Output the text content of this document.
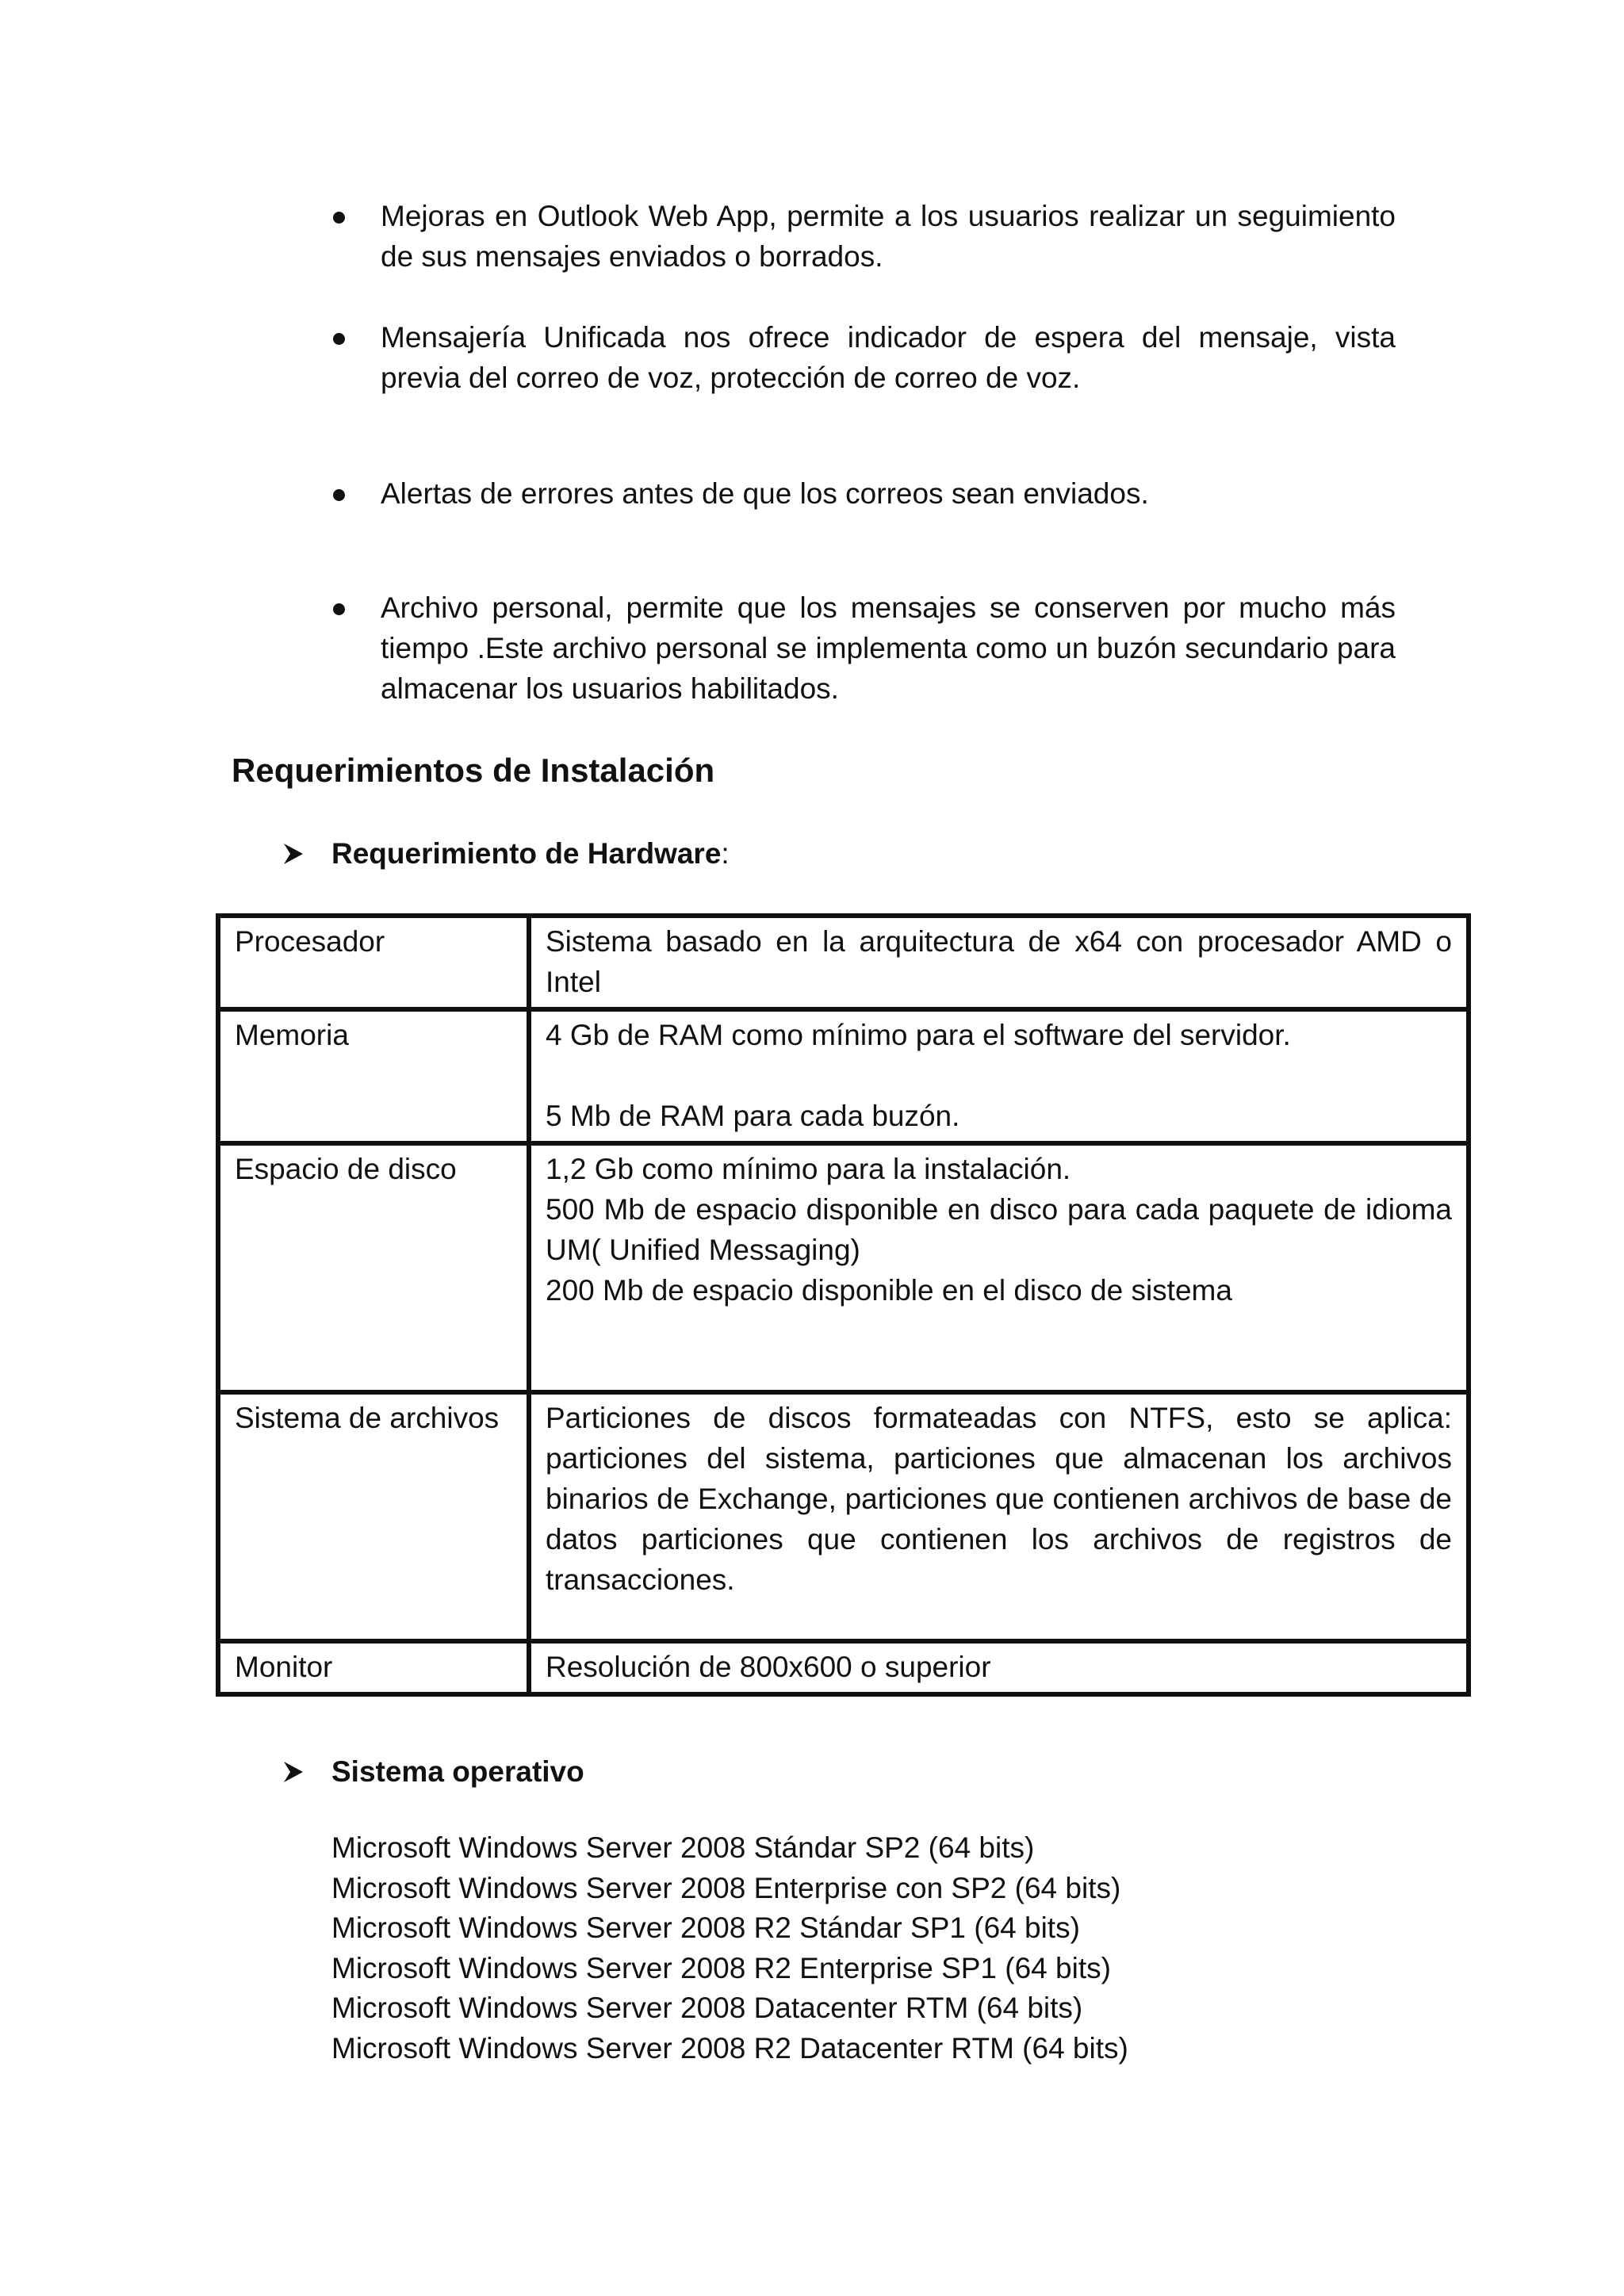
Mejoras en Outlook Web App, permite a los usuarios realizar un seguimiento de sus mensajes enviados o borrados.
Mensajería Unificada nos ofrece indicador de espera del mensaje, vista previa del correo de voz, protección de correo de voz.
Alertas de errores antes de que los correos sean enviados.
Archivo personal, permite que los mensajes se conserven por mucho más tiempo .Este archivo personal se implementa como un buzón secundario para almacenar los usuarios habilitados.
Requerimientos de Instalación
Requerimiento de Hardware:
Procesador	Sistema basado en la arquitectura de x64 con procesador AMD o Intel

Memoria	4 Gb de RAM como mínimo para el software del servidor.
5 Mb de RAM para cada buzón.

Espacio de disco	1,2 Gb como mínimo para la instalación.
500 Mb de espacio disponible en disco para cada paquete de idioma UM( Unified Messaging)
200 Mb de espacio disponible en el disco de sistema

Sistema de archivos	Particiones de discos formateadas con NTFS, esto se aplica: particiones del sistema, particiones que almacenan los archivos binarios de Exchange, particiones que contienen archivos de base de datos particiones que contienen los archivos de registros de transacciones.

Monitor	Resolución de 800x600 o superior
Sistema operativo
Microsoft Windows Server 2008 Stándar SP2 (64 bits)
Microsoft Windows Server 2008 Enterprise con SP2 (64 bits)
Microsoft Windows Server 2008 R2 Stándar SP1 (64 bits)
Microsoft Windows Server 2008 R2 Enterprise SP1 (64 bits)
Microsoft Windows Server 2008 Datacenter RTM (64 bits)
Microsoft Windows Server 2008 R2 Datacenter RTM (64 bits)
